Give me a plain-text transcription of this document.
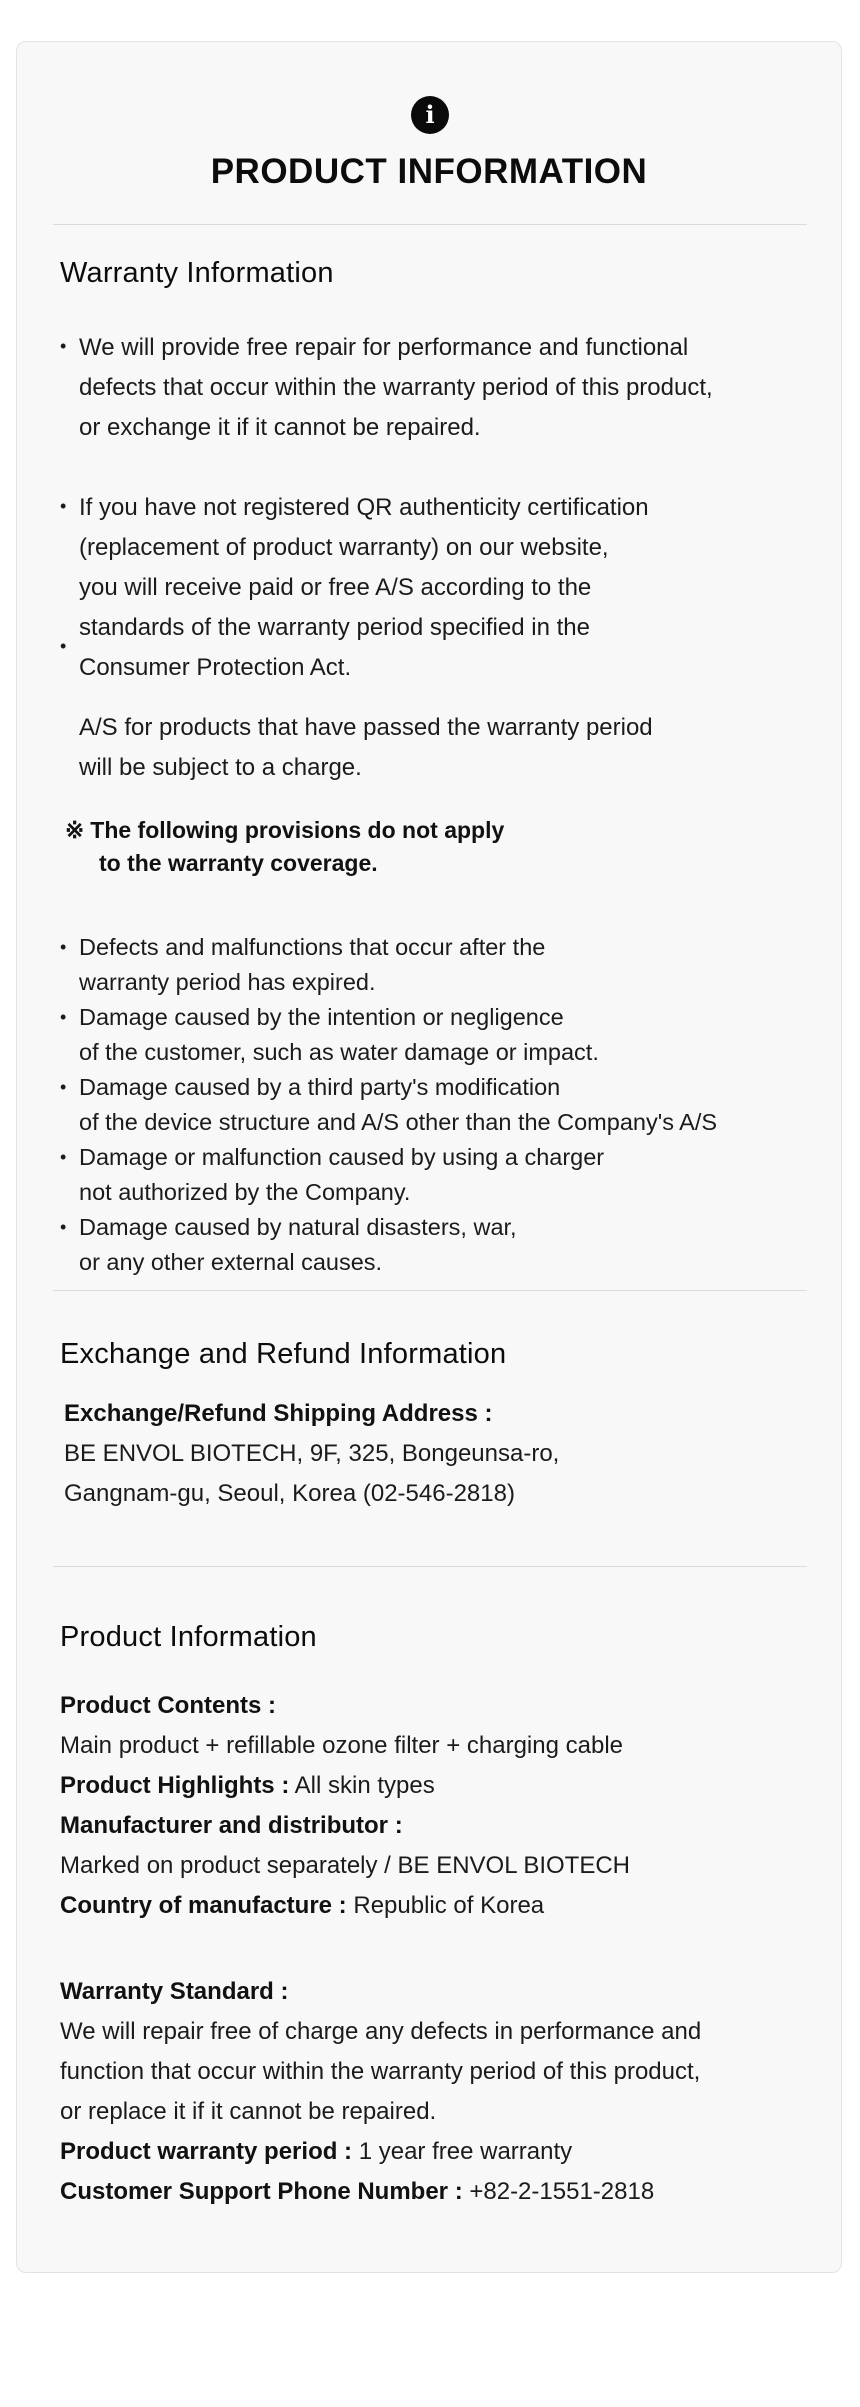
i
PRODUCT INFORMATION
Warranty Information
• We will provide free repair for performance and functional
defects that occur within the warranty period of this product,
or exchange it if it cannot be repaired.

•
•

If you have not registered QR authenticity certification
(replacement of product warranty) on our website,
you will receive paid or free A/S according to the
standards of the warranty period specified in the
Consumer Protection Act.

A/S for products that have passed the warranty period
will be subject to a charge.

※ The following provisions do not apply
to the warranty coverage.

• Defects and malfunctions that occur after the
warranty period has expired.
• Damage caused by the intention or negligence
of the customer, such as water damage or impact.
• Damage caused by a third party's modification
of the device structure and A/S other than the Company's A/S
• Damage or malfunction caused by using a charger
not authorized by the Company.
• Damage caused by natural disasters, war,
or any other external causes.
Exchange and Refund Information

Exchange/Refund Shipping Address :
BE ENVOL BIOTECH, 9F, 325, Bongeunsa-ro,
Gangnam-gu, Seoul, Korea (02-546-2818)

Product Information

Product Contents :
Main product + refillable ozone filter + charging cable
Product Highlights : All skin types
Manufacturer and distributor :
Marked on product separately / BE ENVOL BIOTECH
Country of manufacture : Republic of Korea

Warranty Standard :
We will repair free of charge any defects in performance and
function that occur within the warranty period of this product,
or replace it if it cannot be repaired.
Product warranty period : 1 year free warranty
Customer Support Phone Number : +82-2-1551-2818
